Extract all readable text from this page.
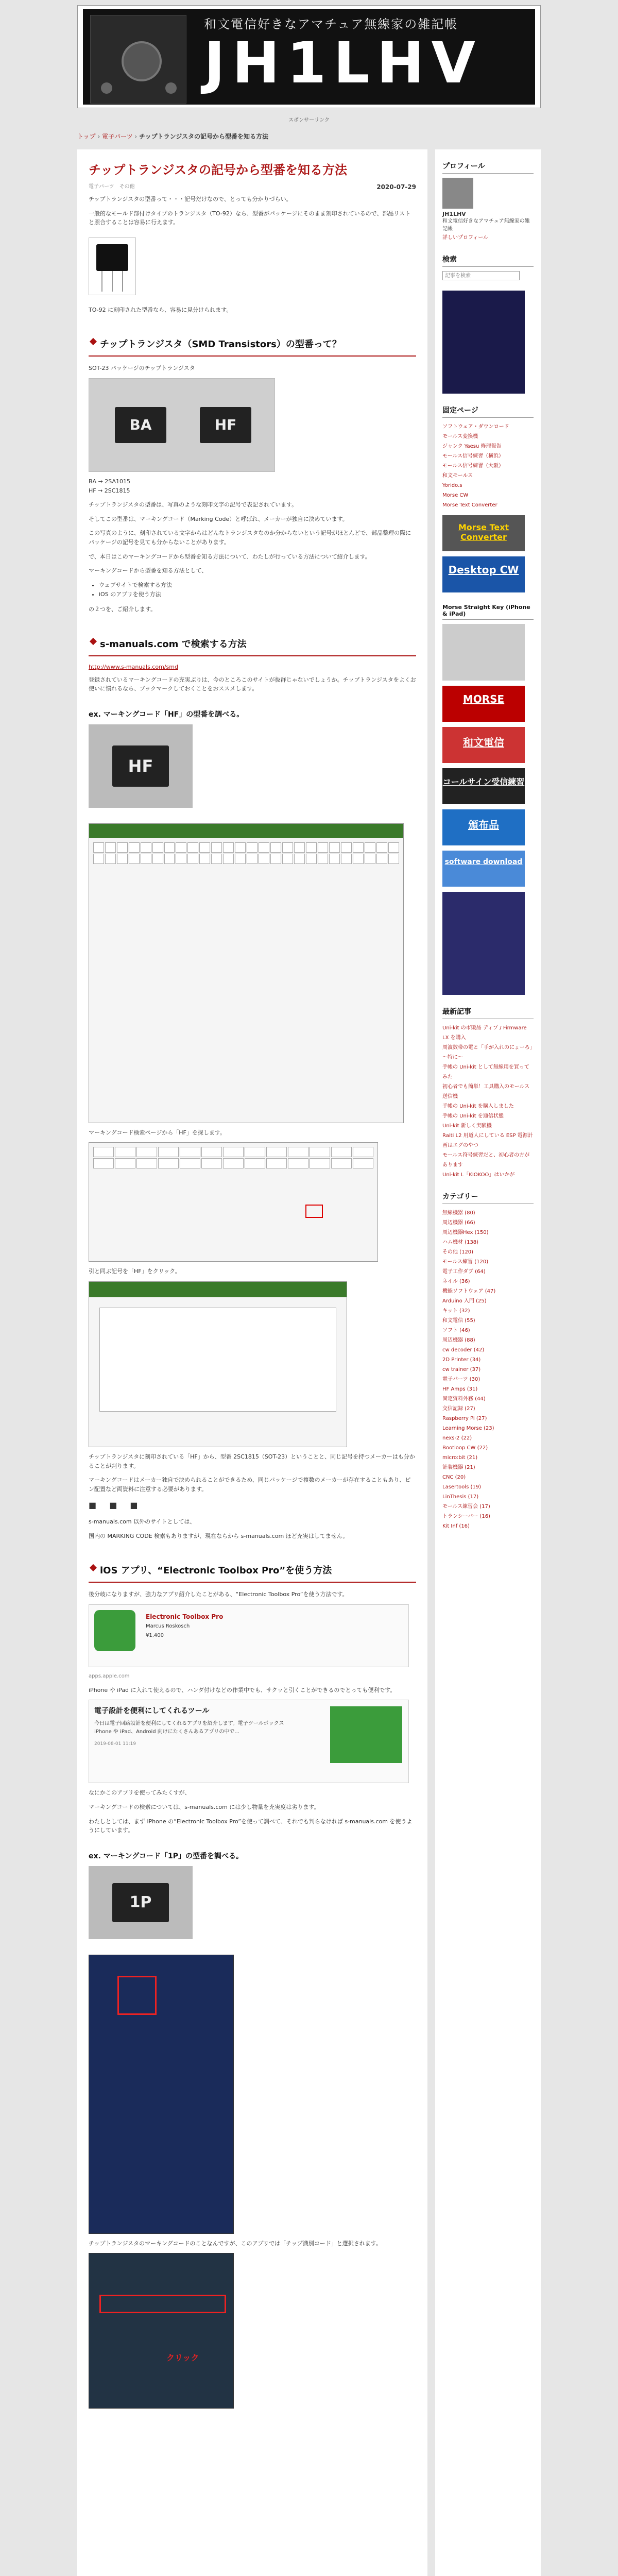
和文電信好きなアマチュア無線家の雑記帳
JH1LHV
スポンサーリンク
トップ › 電子パーツ › チップトランジスタの記号から型番を知る方法
チップトランジスタの記号から型番を知る方法
2020-07-29
電子パーツ　その他

チップトランジスタの型番って・・・記号だけなので、とっても分かりづらい。

一般的なモールド部付けタイプのトランジスタ（TO-92）なら、型番がパッケージにそのまま刻印されているので、部品リストと照合することは容易に行えます。

TO-92 に刻印された型番なら、容易に見分けられます。

チップトランジスタ（SMD Transistors）の型番って？

SOT-23 パッケージのチップトランジスタ

BA	HF

BA → 2SA1015

HF → 2SC1815

チップトランジスタの型番は、写真のような刻印文字の記号で表記されています。

そしてこの型番は、マーキングコード（Marking Code）と呼ばれ、メーカーが独自に決めています。

この写真のように、刻印されている文字からはどんなトランジスタなのか分からないという記号がほとんどで、部品整理の際にパッケージの記号を見ても分からないことがあります。

で、本日はこのマーキングコードから型番を知る方法について、わたしが行っている方法について紹介します。

マーキングコードから型番を知る方法として、

• ウェブサイトで検索する方法
• iOS のアプリを使う方法

の２つを、ご紹介します。

s-manuals.com で検索する方法
http://www.s-manuals.com/smd

登録されているマーキングコードの充実ぶりは、今のところこのサイトが抜群じゃないでしょうか。チップトランジスタをよくお使いに慣れるなら、ブックマークしておくことをおススメします。

ex. マーキングコード「HF」の型番を調べる。
HF

マーキングコード検索ページから「HF」を探します。

引と同ぶ記号を「HF」をクリック。

チップトランジスタに刻印されている「HF」から、型番 2SC1815（SOT-23）ということと、同じ記号を持つメーカーはも分かることが判ります。

マーキングコードはメーカー独自で決められることができるため、同じパッケージで複数のメーカーが存在することもあり、ピン配置など両資料に注意する必要があります。

■ ■ ■

s-manuals.com 以外のサイトとしては、

国内の MARKING CODE 検索もありますが、現在ならから s-manuals.com ほど充実はしてません。

iOS アプリ、“Electronic Toolbox Pro”を使う方法

後分岐になりますが、強力なアプリ紹介したことがある、“Electronic Toolbox Pro”を使う方法です。

Electronic Toolbox Pro
Marcus Roskosch
¥1,400

apps.apple.com

iPhone や iPad に入れて使えるので、ハンダ付けなどの作業中でも、サクッと引くことができるのでとっても便利です。

電子設計を便利にしてくれるツール
今日は電子回路設計を便利にしてくれるアプリを紹介します。電子ツールボックス iPhone や iPad、Android 向けにたくさんあるアプリの中で...
2019-08-01 11:19

なにかこのアプリを使ってみたくすが、

マーキングコードの検索については、s-manuals.com には少し物量を充実度は劣ります。

わたしとしては、まず iPhone の“Electronic Toolbox Pro”を使って調べて、それでも判らなければ s-manuals.com を使うようにしています。

ex. マーキングコード「1P」の型番を調べる。
1P

チップトランジスタのマーキングコードのことなんですが、このアプリでは「チップ識別コード」と選択されます。

クリック
プロフィール
JH1LHV
和文電信好きなアマチュア無線家の雑記帳
詳しいプロフィール
検索
記事を検索
固定ページ
ソフトウェア・ダウンロード
モールス変換機
ジャンク Yaesu 修理報告
モールス信号練習（横浜）
モールス信号練習（大阪）
和文モールス
Yorido.s
Morse CW
Morse Text Converter
Morse Text Converter
Desktop CW
Morse Straight Key (iPhone & iPad)
MORSE
和文電信
コールサイン受信練習
頒布品
software download
最新記事
Uni-kit の市販品 ディプ / Firmware LX を購入
周波数帯の電と「手が入れのにょーろ」～特に～
手帳の Uni-kit として無線用を買ってみた
初心者でも簡単！工具購入のモールス送信機
手帳の Uni-kit を購入しました
手帳の Uni-kit を通信状態
Uni-kit 新しく実験機
Raiti L2 用道人にしている ESP 電源計画はエグのやつ
モールス符号練習だと、初心者の方があります
Uni-kit L「KIOKOO」はいかが
カテゴリー
無線機器 (80)
周辺機器 (66)
周辺機器Hex (150)
ハム機材 (138)
その他 (120)
モールス練習 (120)
電子工作ダブ (64)
ネイル (36)
機能ソフトウェア (47)
Arduino 入門 (25)
キット (32)
和文電信 (55)
ソフト (46)
周辺機器 (88)
cw decoder (42)
2D Printer (34)
cw trainer (37)
電子パーツ (30)
HF Amps (31)
固定資料外務 (44)
交信記録 (27)
Raspberry Pi (27)
Learning Morse (23)
nexs-2 (22)
Bootloop CW (22)
micro:bit (21)
計装機器 (21)
CNC (20)
Lasertools (19)
LinThesis (17)
モールス練習会 (17)
トランシーバー (16)
Kit Inf (16)
